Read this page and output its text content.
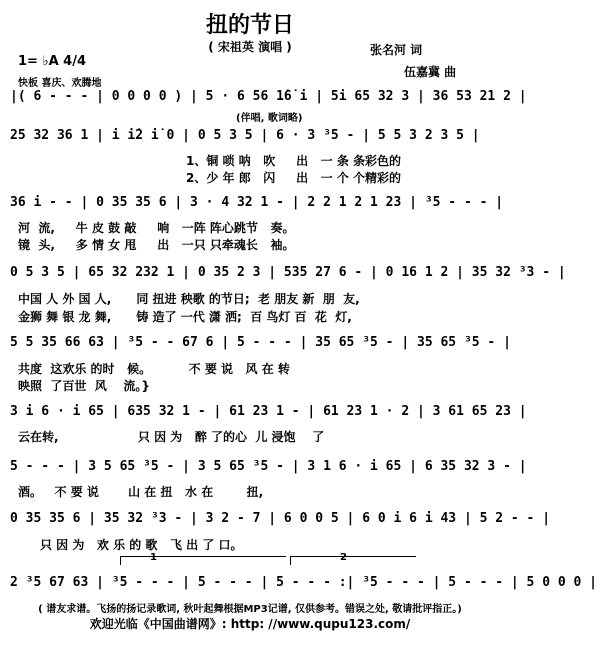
扭的节日
( 宋祖英 演唱 )	张名河 词
伍嘉冀 曲
1= ♭A 4/4
快板 喜庆、欢腾地
|( 6 - - - | 0 0 0 0 ) | 5 · 6 56 1̇6̇ i | 5i 65 32 3 | 36 53 21 2 |
(伴唱, 歌词略)
25 32 36 1 | i i̇2 i̇ 0 | 0 5 3 5 | 6 · 3 ³5 - | 5 5 3 2 3 5 |
1、铜 唢 呐   吹     出   一 条 条彩色的
2、少 年 郎   闪     出   一 个 个精彩的
36 i - - | 0 35 35 6 | 3 · 4 32 1 - | 2 2 1 2 1 23 | ³5 - - - |
河  流,     牛 皮 鼓 敲     响   一阵 阵心跳节   奏。
镜  头,     多 情 女 甩     出   一只 只牵魂长   袖。
0 5 3 5 | 65 32 232 1 | 0 35 2 3 | 535 27 6 - | 0 16 1 2 | 35 32 ³3 - |
中国 人 外 国 人,      同 扭进 秧歌 的节日;  老 朋友 新  朋  友,
金狮 舞 银 龙 舞,      铸 造了 一代 潇 洒;  百 鸟灯 百  花  灯,
5 5 35 66 63 | ³5 - - 67 6 | 5 - - - | 35 65 ³5 - | 35 65 ³5 - |
共度  这欢乐 的时   候。         不 要 说   风 在 转
映照  了百世  风    流。}
3 i 6 · i 65 | 635 32 1 - | 61 23 1 - | 61 23 1 · 2 | 3 61 65 23 |
云在转,                   只 因 为   醉 了的心  儿 浸饱    了
5 - - - | 3 5 65 ³5 - | 3 5 65 ³5 - | 3 1 6 · i 65 | 6 35 32 3 - |
酒。   不 要 说       山 在 扭   水 在        扭,
0 35 35 6 | 35 32 ³3 - | 3 2 - 7 | 6 0 0 5 | 6 0 i 6 i 43 | 5 2 - - |
只 因 为   欢 乐 的 歌   飞 出 了 口。
1	2
2 ³5 67 63 | ³5 - - - | 5 - - - | 5 - - - :| ³5 - - - | 5 - - - | 5 0 0 0 |
( 谱友求谱。飞扬的扬记录歌词, 秋叶起舞根据MP3记谱, 仅供参考。错误之处, 敬请批评指正。)
欢迎光临《中国曲谱网》: http: //www.qupu123.com/
